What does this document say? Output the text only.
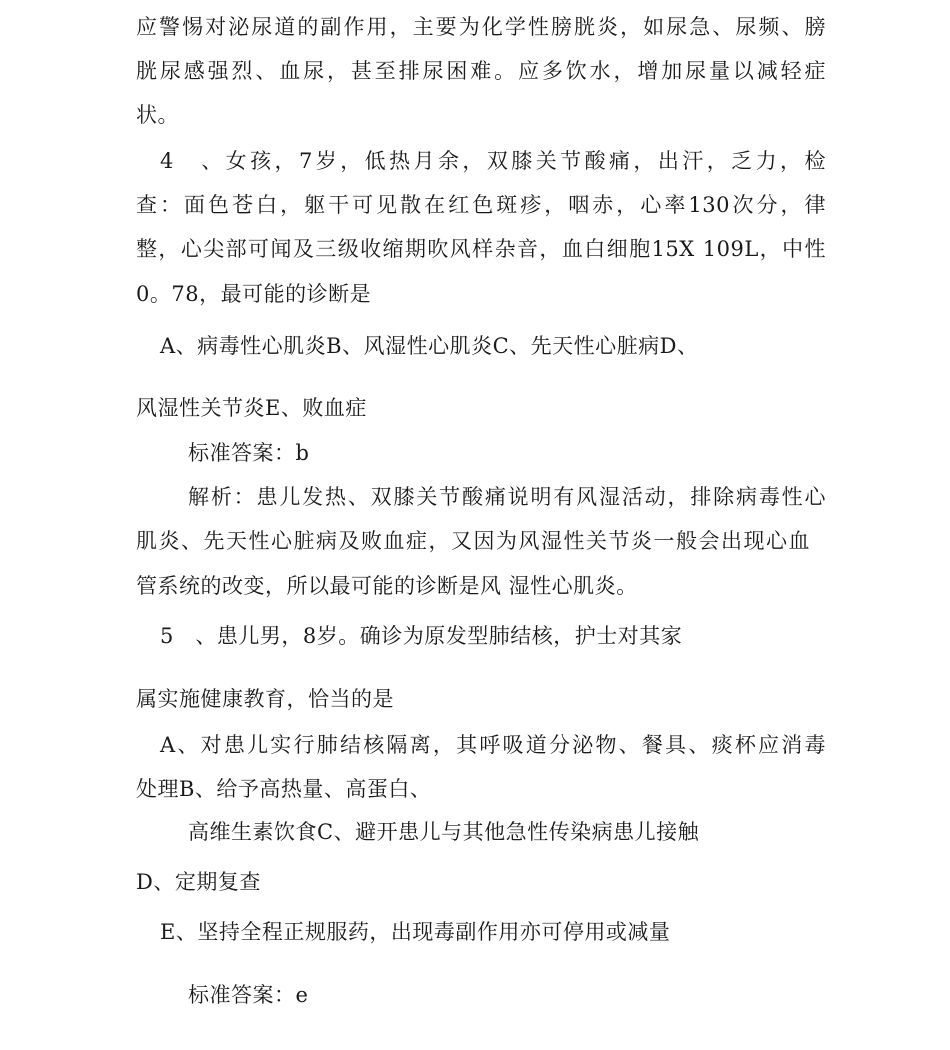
应警惕对泌尿道的副作用，主要为化学性膀胱炎，如尿急、尿频、膀
胱尿感强烈、血尿，甚至排尿困难。应多饮水，增加尿量以减轻症
状。
4　、女孩，7岁，低热月余，双膝关节酸痛，出汗，乏力，检
查：面色苍白，躯干可见散在红色斑疹，咽赤，心率130次分，律
整，心尖部可闻及三级收缩期吹风样杂音，血白细胞15X 109L，中性
0。78，最可能的诊断是
A、病毒性心肌炎B、风湿性心肌炎C、先天性心脏病D、
风湿性关节炎E、败血症
标准答案：b
解析：患儿发热、双膝关节酸痛说明有风湿活动，排除病毒性心
肌炎、先天性心脏病及败血症，又因为风湿性关节炎一般会出现心血
管系统的改变，所以最可能的诊断是风 湿性心肌炎。
5　、患儿男，8岁。确诊为原发型肺结核，护士对其家
属实施健康教育，恰当的是
A、对患儿实行肺结核隔离，其呼吸道分泌物、餐具、痰杯应消毒
处理B、给予高热量、高蛋白、
高维生素饮食C、避开患儿与其他急性传染病患儿接触
D、定期复查
E、坚持全程正规服药，出现毒副作用亦可停用或减量
标准答案：e
